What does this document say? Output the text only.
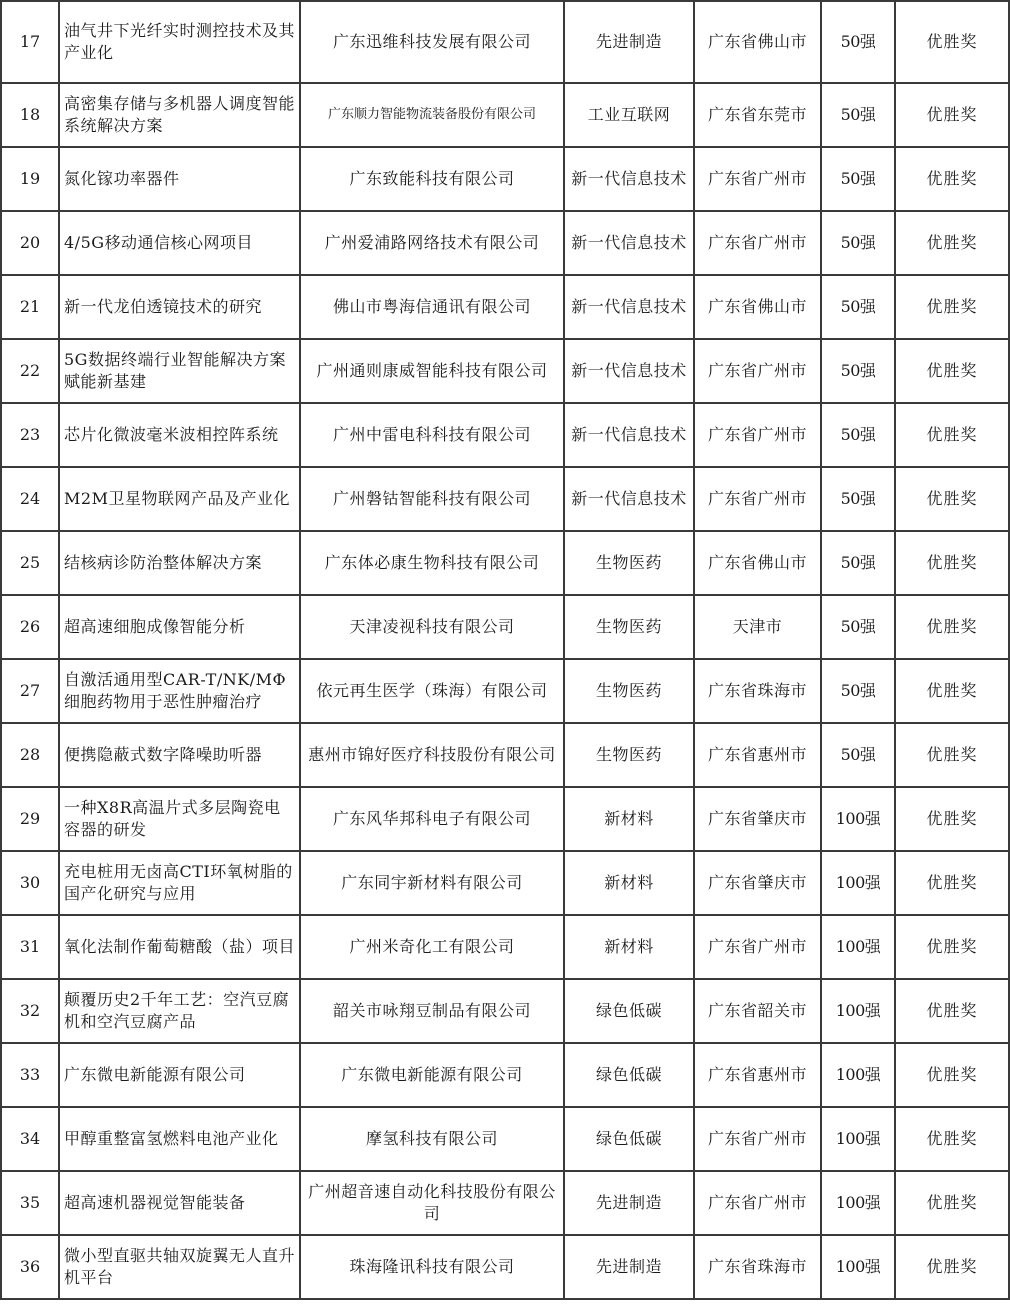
17	油气井下光纤实时测控技术及其产业化	广东迅维科技发展有限公司	先进制造	广东省佛山市	50强	优胜奖
18	高密集存储与多机器人调度智能系统解决方案	广东顺力智能物流装备股份有限公司	工业互联网	广东省东莞市	50强	优胜奖
19	氮化镓功率器件	广东致能科技有限公司	新一代信息技术	广东省广州市	50强	优胜奖
20	4/5G移动通信核心网项目	广州爱浦路网络技术有限公司	新一代信息技术	广东省广州市	50强	优胜奖
21	新一代龙伯透镜技术的研究	佛山市粤海信通讯有限公司	新一代信息技术	广东省佛山市	50强	优胜奖
22	5G数据终端行业智能解决方案赋能新基建	广州通则康威智能科技有限公司	新一代信息技术	广东省广州市	50强	优胜奖
23	芯片化微波毫米波相控阵系统	广州中雷电科科技有限公司	新一代信息技术	广东省广州市	50强	优胜奖
24	M2M卫星物联网产品及产业化	广州磐钴智能科技有限公司	新一代信息技术	广东省广州市	50强	优胜奖
25	结核病诊防治整体解决方案	广东体必康生物科技有限公司	生物医药	广东省佛山市	50强	优胜奖
26	超高速细胞成像智能分析	天津凌视科技有限公司	生物医药	天津市	50强	优胜奖
27	自激活通用型CAR-T/NK/MΦ细胞药物用于恶性肿瘤治疗	依元再生医学（珠海）有限公司	生物医药	广东省珠海市	50强	优胜奖
28	便携隐蔽式数字降噪助听器	惠州市锦好医疗科技股份有限公司	生物医药	广东省惠州市	50强	优胜奖
29	一种X8R高温片式多层陶瓷电容器的研发	广东风华邦科电子有限公司	新材料	广东省肇庆市	100强	优胜奖
30	充电桩用无卤高CTI环氧树脂的国产化研究与应用	广东同宇新材料有限公司	新材料	广东省肇庆市	100强	优胜奖
31	氧化法制作葡萄糖酸（盐）项目	广州米奇化工有限公司	新材料	广东省广州市	100强	优胜奖
32	颠覆历史2千年工艺：空汽豆腐机和空汽豆腐产品	韶关市咏翔豆制品有限公司	绿色低碳	广东省韶关市	100强	优胜奖
33	广东微电新能源有限公司	广东微电新能源有限公司	绿色低碳	广东省惠州市	100强	优胜奖
34	甲醇重整富氢燃料电池产业化	摩氢科技有限公司	绿色低碳	广东省广州市	100强	优胜奖
35	超高速机器视觉智能装备	广州超音速自动化科技股份有限公司	先进制造	广东省广州市	100强	优胜奖
36	微小型直驱共轴双旋翼无人直升机平台	珠海隆讯科技有限公司	先进制造	广东省珠海市	100强	优胜奖
